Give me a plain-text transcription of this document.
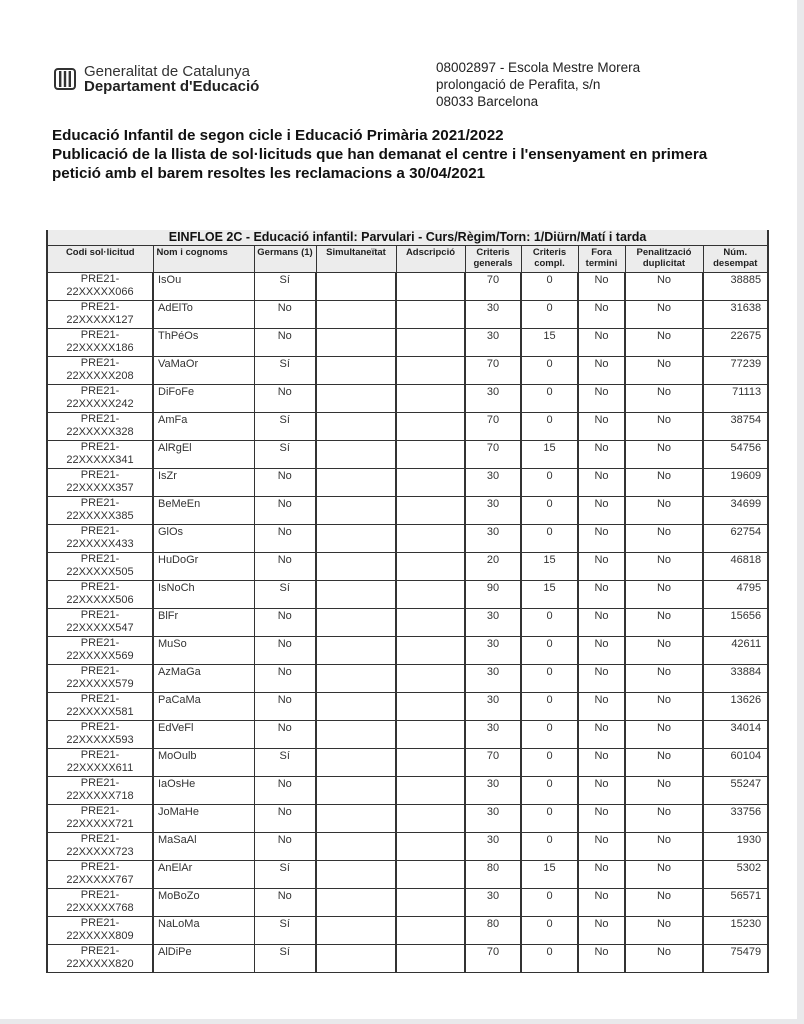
Generalitat de Catalunya
Departament d'Educació
08002897 - Escola Mestre Morera
prolongació de Perafita, s/n
08033 Barcelona
Educació Infantil de segon cicle i Educació Primària 2021/2022
Publicació de la llista de sol·licituds que han demanat el centre i l'ensenyament en primera
petició amb el barem resoltes les reclamacions a 30/04/2021
EINFLOE 2C - Educació infantil: Parvulari - Curs/Règim/Torn: 1/Diürn/Matí i tarda									
Codi sol·licitud	Nom i cognoms	Germans (1)	Simultaneïtat	Adscripció	Criteris generals	Criteris compl.	Fora termini	Penalització duplicitat	Núm. desempat

PRE21-
22XXXXX066	IsOu	Sí			70	0	No	No	38885

PRE21-
22XXXXX127	AdElTo	No			30	0	No	No	31638

PRE21-
22XXXXX186	ThPéOs	No			30	15	No	No	22675

PRE21-
22XXXXX208	VaMaOr	Sí			70	0	No	No	77239

PRE21-
22XXXXX242	DiFoFe	No			30	0	No	No	71113

PRE21-
22XXXXX328	AmFa	Sí			70	0	No	No	38754

PRE21-
22XXXXX341	AlRgEl	Sí			70	15	No	No	54756

PRE21-
22XXXXX357	IsZr	No			30	0	No	No	19609

PRE21-
22XXXXX385	BeMeEn	No			30	0	No	No	34699

PRE21-
22XXXXX433	GlOs	No			30	0	No	No	62754

PRE21-
22XXXXX505	HuDoGr	No			20	15	No	No	46818

PRE21-
22XXXXX506	IsNoCh	Sí			90	15	No	No	4795

PRE21-
22XXXXX547	BlFr	No			30	0	No	No	15656

PRE21-
22XXXXX569	MuSo	No			30	0	No	No	42611

PRE21-
22XXXXX579	AzMaGa	No			30	0	No	No	33884

PRE21-
22XXXXX581	PaCaMa	No			30	0	No	No	13626

PRE21-
22XXXXX593	EdVeFl	No			30	0	No	No	34014

PRE21-
22XXXXX611	MoOulb	Sí			70	0	No	No	60104

PRE21-
22XXXXX718	IaOsHe	No			30	0	No	No	55247

PRE21-
22XXXXX721	JoMaHe	No			30	0	No	No	33756

PRE21-
22XXXXX723	MaSaAl	No			30	0	No	No	1930

PRE21-
22XXXXX767	AnElAr	Sí			80	15	No	No	5302

PRE21-
22XXXXX768	MoBoZo	No			30	0	No	No	56571

PRE21-
22XXXXX809	NaLoMa	Sí			80	0	No	No	15230

PRE21-
22XXXXX820	AlDiPe	Sí			70	0	No	No	75479
